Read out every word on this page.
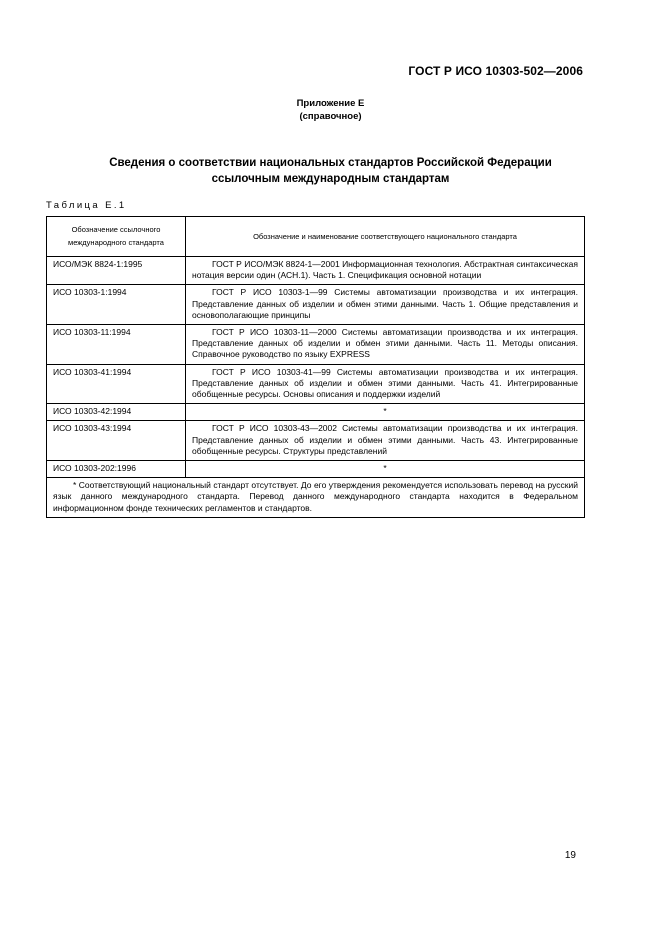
ГОСТ Р ИСО 10303-502—2006
Приложение Е
(справочное)
Сведения о соответствии национальных стандартов Российской Федерации
ссылочным международным стандартам
Таблица Е.1
Обозначение ссылочного международного стандарта	Обозначение и наименование соответствующего национального стандарта
ИСО/МЭК 8824-1:1995	ГОСТ Р ИСО/МЭК 8824-1—2001 Информационная технология. Абстрактная синтаксическая нотация версии один (АСН.1). Часть 1. Спецификация основной нотации
ИСО 10303-1:1994	ГОСТ Р ИСО 10303-1—99 Системы автоматизации производства и их интеграция. Представление данных об изделии и обмен этими данными. Часть 1. Общие представления и основополагающие принципы
ИСО 10303-11:1994	ГОСТ Р ИСО 10303-11—2000 Системы автоматизации производства и их интеграция. Представление данных об изделии и обмен этими данными. Часть 11. Методы описания. Справочное руководство по языку EXPRESS
ИСО 10303-41:1994	ГОСТ Р ИСО 10303-41—99 Системы автоматизации производства и их интеграция. Представление данных об изделии и обмен этими данными. Часть 41. Интегрированные обобщенные ресурсы. Основы описания и поддержки изделий
ИСО 10303-42:1994	*
ИСО 10303-43:1994	ГОСТ Р ИСО 10303-43—2002 Системы автоматизации производства и их интеграция. Представление данных об изделии и обмен этими данными. Часть 43. Интегрированные обобщенные ресурсы. Структуры представлений
ИСО 10303-202:1996	*
* Соответствующий национальный стандарт отсутствует. До его утверждения рекомендуется использовать перевод на русский язык данного международного стандарта. Перевод данного международного стандарта находится в Федеральном информационном фонде технических регламентов и стандартов.	
19
